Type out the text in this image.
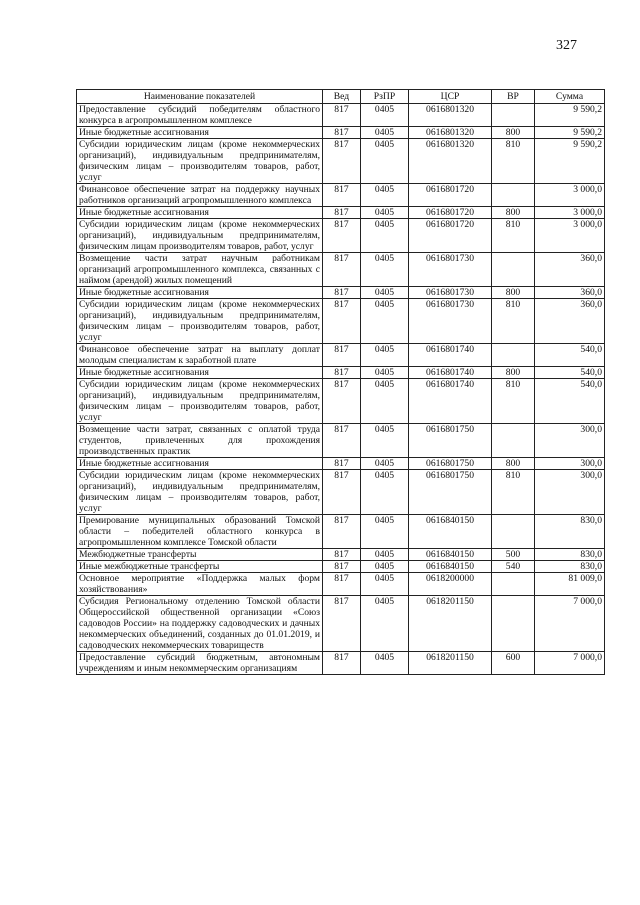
327
Наименование показателей	Вед	РзПР	ЦСР	ВР	Сумма
Предоставление субсидий победителям областного конкурса в агропромышленном комплексе	817	0405	0616801320		9 590,2
Иные бюджетные ассигнования	817	0405	0616801320	800	9 590,2
Субсидии юридическим лицам (кроме некоммерческих организаций), индивидуальным предпринимателям, физическим лицам – производителям товаров, работ, услуг	817	0405	0616801320	810	9 590,2
Финансовое обеспечение затрат на поддержку научных работников организаций агропромышленного комплекса	817	0405	0616801720		3 000,0
Иные бюджетные ассигнования	817	0405	0616801720	800	3 000,0
Субсидии юридическим лицам (кроме некоммерческих организаций), индивидуальным предпринимателям, физическим лицам производителям товаров, работ, услуг	817	0405	0616801720	810	3 000,0
Возмещение части затрат научным работникам организаций агропромышленного комплекса, связанных с наймом (арендой) жилых помещений	817	0405	0616801730		360,0
Иные бюджетные ассигнования	817	0405	0616801730	800	360,0
Субсидии юридическим лицам (кроме некоммерческих организаций), индивидуальным предпринимателям, физическим лицам – производителям товаров, работ, услуг	817	0405	0616801730	810	360,0
Финансовое обеспечение затрат на выплату доплат молодым специалистам к заработной плате	817	0405	0616801740		540,0
Иные бюджетные ассигнования	817	0405	0616801740	800	540,0
Субсидии юридическим лицам (кроме некоммерческих организаций), индивидуальным предпринимателям, физическим лицам – производителям товаров, работ, услуг	817	0405	0616801740	810	540,0
Возмещение части затрат, связанных с оплатой труда студентов, привлеченных для прохождения производственных практик	817	0405	0616801750		300,0
Иные бюджетные ассигнования	817	0405	0616801750	800	300,0
Субсидии юридическим лицам (кроме некоммерческих организаций), индивидуальным предпринимателям, физическим лицам – производителям товаров, работ, услуг	817	0405	0616801750	810	300,0
Премирование муниципальных образований Томской области – победителей областного конкурса в агропромышленном комплексе Томской области	817	0405	0616840150		830,0
Межбюджетные трансферты	817	0405	0616840150	500	830,0
Иные межбюджетные трансферты	817	0405	0616840150	540	830,0
Основное мероприятие «Поддержка малых форм хозяйствования»	817	0405	0618200000		81 009,0
Субсидия Региональному отделению Томской области Общероссийской общественной организации «Союз садоводов России» на поддержку садоводческих и дачных некоммерческих объединений, созданных до 01.01.2019, и садоводческих некоммерческих товариществ	817	0405	0618201150		7 000,0
Предоставление субсидий бюджетным, автономным учреждениям и иным некоммерческим организациям	817	0405	0618201150	600	7 000,0
